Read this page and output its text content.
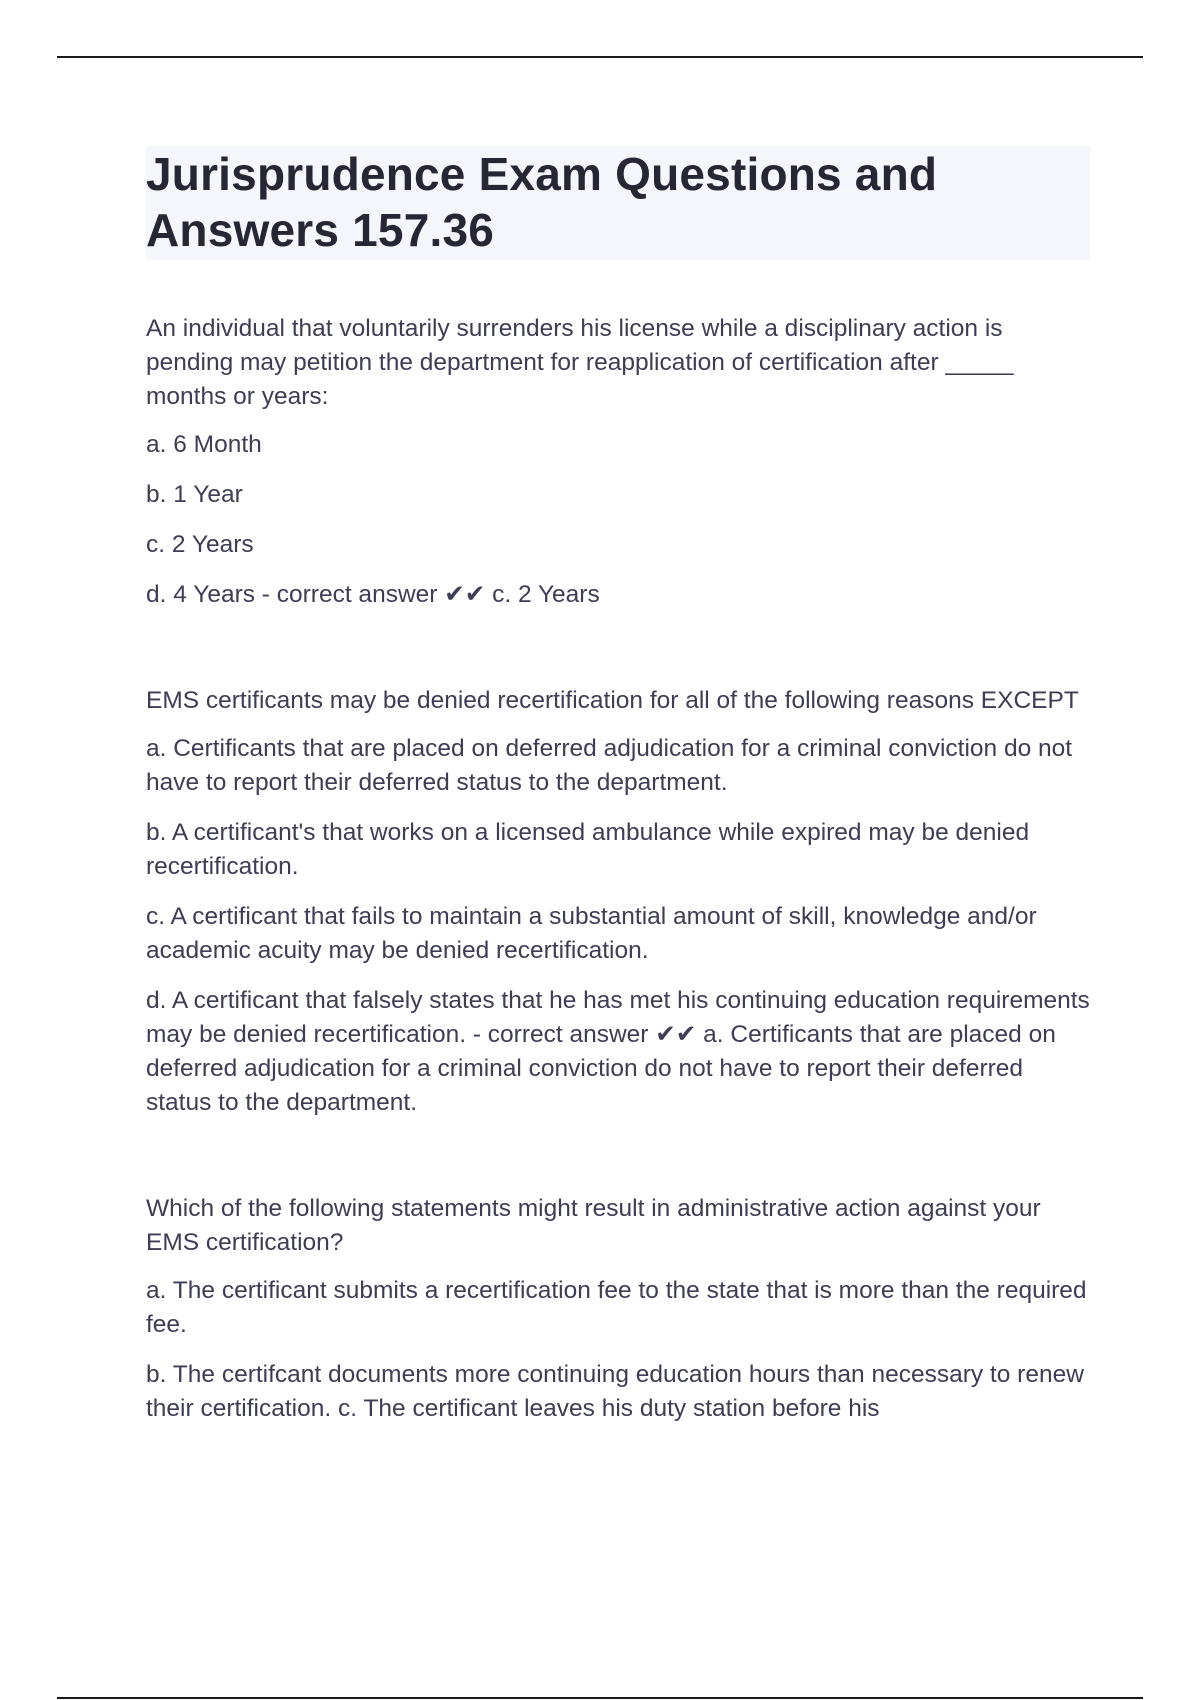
Jurisprudence Exam Questions and Answers 157.36

An individual that voluntarily surrenders his license while a disciplinary action is pending may petition the department for reapplication of certification after _____ months or years:

a. 6 Month

b. 1 Year

c. 2 Years

d. 4 Years - correct answer ✔✔ c. 2 Years

EMS certificants may be denied recertification for all of the following reasons EXCEPT

a. Certificants that are placed on deferred adjudication for a criminal conviction do not have to report their deferred status to the department.

b. A certificant's that works on a licensed ambulance while expired may be denied recertification.

c. A certificant that fails to maintain a substantial amount of skill, knowledge and/or academic acuity may be denied recertification.

d. A certificant that falsely states that he has met his continuing education requirements may be denied recertification. - correct answer ✔✔ a. Certificants that are placed on deferred adjudication for a criminal conviction do not have to report their deferred status to the department.

Which of the following statements might result in administrative action against your EMS certification?

a. The certificant submits a recertification fee to the state that is more than the required fee.

b. The certifcant documents more continuing education hours than necessary to renew their certification. c. The certificant leaves his duty station before his
